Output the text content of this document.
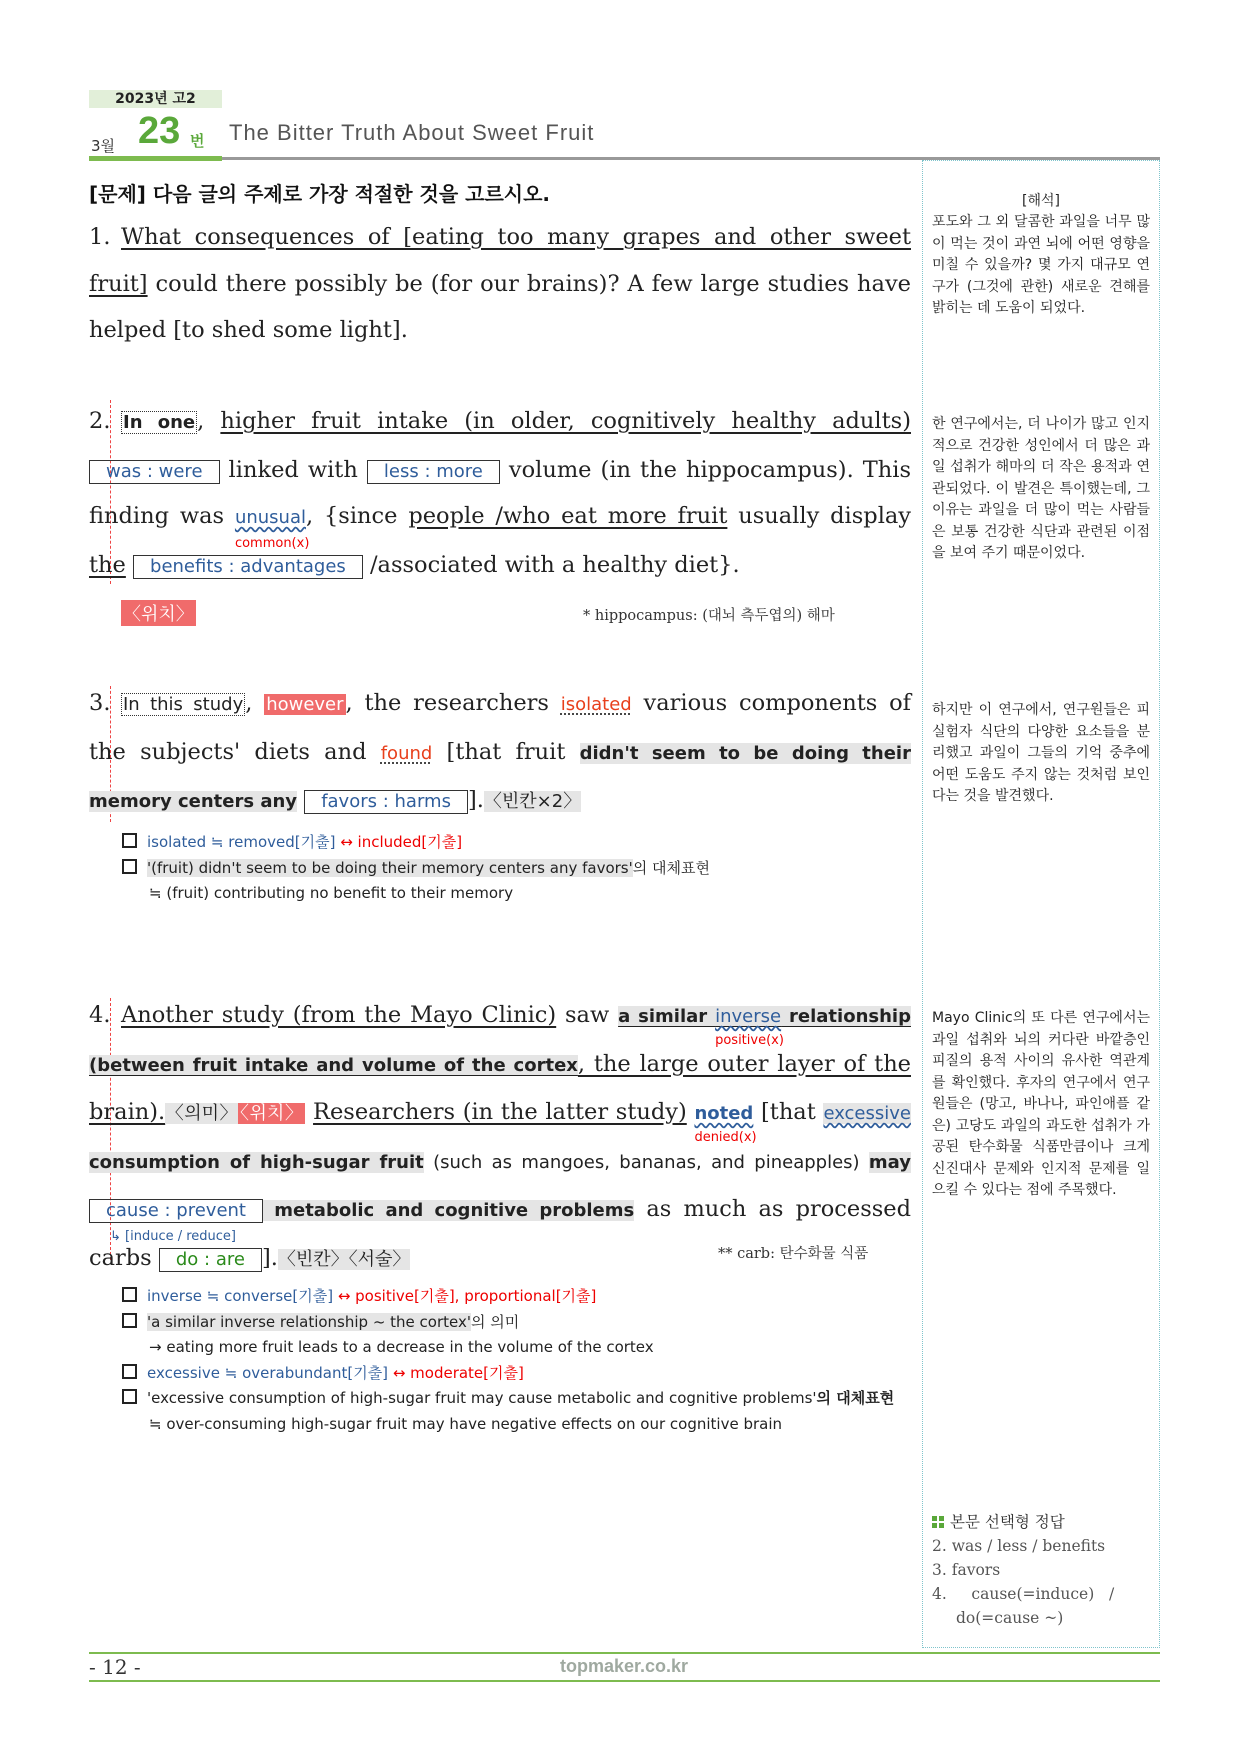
2023년 고2
3월 23 번 The Bitter Truth About Sweet Fruit
[문제] 다음 글의 주제로 가장 적절한 것을 고르시오.	[해석]
포도와 그 외 달콤한 과일을 너무 많이 먹는 것이 과연 뇌에 어떤 영향을 미칠 수 있을까? 몇 가지 대규모 연구가 (그것에 관한) 새로운 견해를 밝히는 데 도움이 되었다.
한 연구에서는, 더 나이가 많고 인지적으로 건강한 성인에서 더 많은 과일 섭취가 해마의 더 작은 용적과 연관되었다. 이 발견은 특이했는데, 그 이유는 과일을 더 많이 먹는 사람들은 보통 건강한 식단과 관련된 이점을 보여 주기 때문이었다.
하지만 이 연구에서, 연구원들은 피실험자 식단의 다양한 요소들을 분리했고 과일이 그들의 기억 중추에 어떤 도움도 주지 않는 것처럼 보인다는 것을 발견했다.
Mayo Clinic의 또 다른 연구에서는 과일 섭취와 뇌의 커다란 바깥층인 피질의 용적 사이의 유사한 역관계를 확인했다. 후자의 연구에서 연구원들은 (망고, 바나나, 파인애플 같은) 고당도 과일의 과도한 섭취가 가공된 탄수화물 식품만큼이나 크게 신진대사 문제와 인지적 문제를 일으킬 수 있다는 점에 주목했다.
본문 선택형 정답
2. was / less / benefits
3. favors
4.     cause(=induce)   /
do(=cause ~)
1. What consequences of [eating too many grapes and other sweet fruit] could there possibly be (for our brains)? A few large studies have helped [to shed some light].
2. In one, higher fruit intake (in older, cognitively healthy adults) was : were linked with less : more volume (in the hippocampus). This finding was unusual
common(x)
, {since people /who eat more fruit usually display the benefits : advantages /associated with a healthy diet}.
〈위치〉	* hippocampus: (대뇌 측두엽의) 해마
3. In this study, however, the researchers isolated various components of the subjects' diets and found [that fruit didn't seem to be doing their memory centers any favors : harms ].〈빈칸×2〉
isolated ≒ removed[기출] ↔ included[기출]
'(fruit) didn't seem to be doing their memory centers any favors'의 대체표현
≒ (fruit) contributing no benefit to their memory
4. Another study (from the Mayo Clinic) saw a similar inverse
positive(x)
relationship (between fruit intake and volume of the cortex, the large outer layer of the brain).〈의미〉 〈위치〉 Researchers (in the latter study) noted
denied(x)
[that excessive consumption of high-sugar fruit (such as mangoes, bananas, and pineapples) may cause : prevent
↳ [induce / reduce]
metabolic and cognitive problems as much as processed carbs do : are ].〈빈칸〉〈서술〉	** carb: 탄수화물 식품
inverse ≒ converse[기출] ↔ positive[기출], proportional[기출]
'a similar inverse relationship ~ the cortex'의 의미
→ eating more fruit leads to a decrease in the volume of the cortex
excessive ≒ overabundant[기출] ↔ moderate[기출]
'excessive consumption of high-sugar fruit may cause metabolic and cognitive problems'의 대체표현
≒ over-consuming high-sugar fruit may have negative effects on our cognitive brain
- 12 -	topmaker.co.kr
